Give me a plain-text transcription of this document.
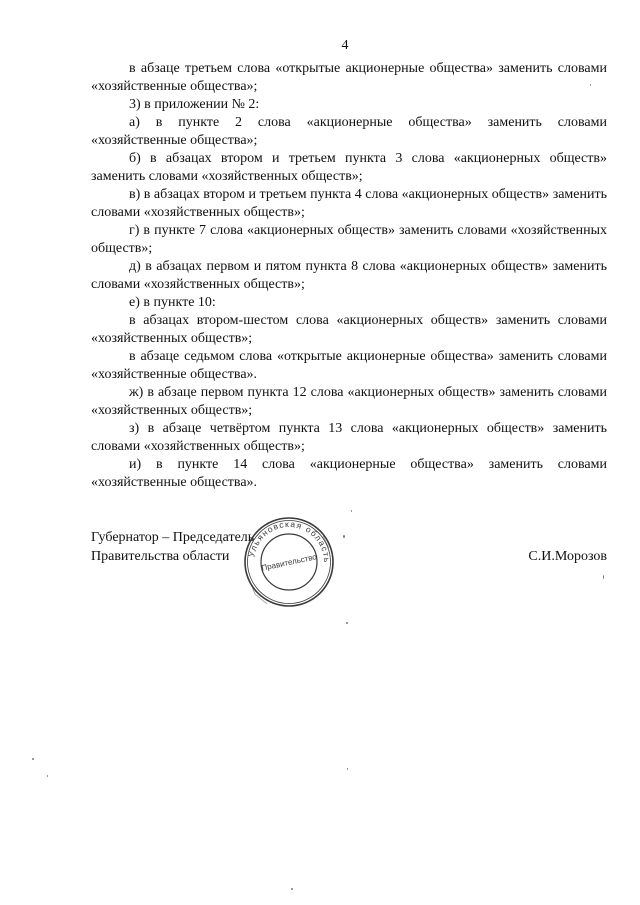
4

в абзаце третьем слова «открытые акционерные общества» заменить словами «хозяйственные общества»;

3) в приложении № 2:

а) в пункте 2 слова «акционерные общества» заменить словами «хозяйственные общества»;

б) в абзацах втором и третьем пункта 3 слова «акционерных обществ» заменить словами «хозяйственных обществ»;

в) в абзацах втором и третьем пункта 4 слова «акционерных обществ» заменить словами «хозяйственных обществ»;

г) в пункте 7 слова «акционерных обществ» заменить словами «хозяйственных обществ»;

д) в абзацах первом и пятом пункта 8 слова «акционерных обществ» заменить словами «хозяйственных обществ»;

е) в пункте 10:

в абзацах втором-шестом слова «акционерных обществ» заменить словами «хозяйственных обществ»;

в абзаце седьмом слова «открытые акционерные общества» заменить словами «хозяйственные общества».

ж) в абзаце первом пункта 12 слова «акционерных обществ» заменить словами «хозяйственных обществ»;

з) в абзаце четвёртом пункта 13 слова «акционерных обществ» заменить словами «хозяйственных обществ»;

и) в пункте 14 слова «акционерные общества» заменить словами «хозяйственные общества».

Губернатор – Председатель
Правительства области	С.И.Морозов
Ульяновская область
Правительство
